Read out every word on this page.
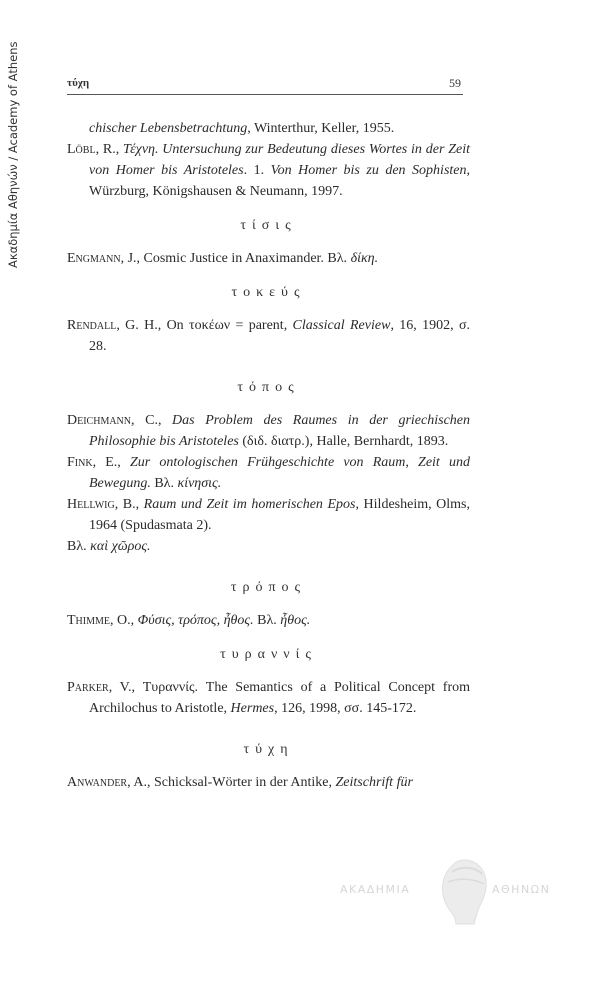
Ακαδημία Αθηνών / Academy of Athens	τύχη	59
chischer Lebensbetrachtung, Winterthur, Keller, 1955.
Löbl, R., Τέχνη. Untersuchung zur Bedeutung dieses Wortes in der Zeit von Homer bis Aristoteles. 1. Von Homer bis zu den Sophisten, Würzburg, Königshausen & Neumann, 1997.
τίσις
Engmann, J., Cosmic Justice in Anaximander. Βλ. δίκη.
τοκεύς
Rendall, G. H., On τοκέων = parent, Classical Review, 16, 1902, σ. 28.
τόπος
Deichmann, C., Das Problem des Raumes in der griechischen Philosophie bis Aristoteles (διδ. διατρ.), Halle, Bernhardt, 1893.
Fink, E., Zur ontologischen Frühgeschichte von Raum, Zeit und Bewegung. Βλ. κίνησις.
Hellwig, B., Raum und Zeit im homerischen Epos, Hildesheim, Olms, 1964 (Spudasmata 2).
Βλ. καὶ χῶρος.
τρόπος
Thimme, O., Φύσις, τρόπος, ἦθος. Βλ. ἦθος.
τυραννίς
Parker, V., Τυραννίς. The Semantics of a Political Concept from Archilochus to Aristotle, Hermes, 126, 1998, σσ. 145-172.
τύχη
Anwander, A., Schicksal-Wörter in der Antike, Zeitschrift für
ΑΚΑΔΗΜΙΑ	ΑΘΗΝΩΝ
